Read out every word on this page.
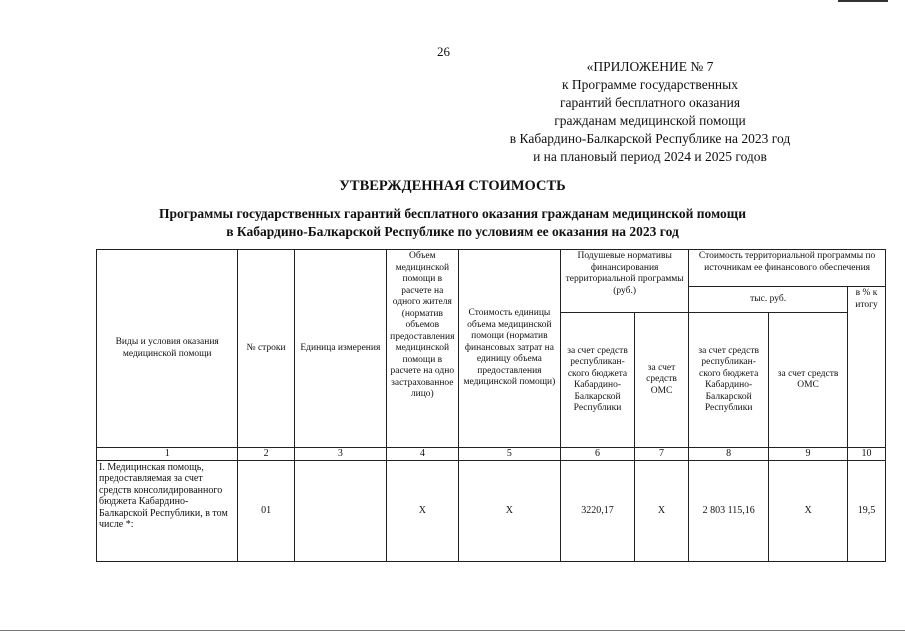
26
«ПРИЛОЖЕНИЕ № 7
к Программе государственных
гарантий бесплатного оказания
гражданам медицинской помощи
в Кабардино-Балкарской Республике на 2023 год
и на плановый период 2024 и 2025 годов
УТВЕРЖДЕННАЯ СТОИМОСТЬ
Программы государственных гарантий бесплатного оказания гражданам медицинской помощи
в Кабардино-Балкарской Республике по условиям ее оказания на 2023 год
Виды и условия оказания медицинской помощи	№ строки	Единица измерения	Объем медицинской помощи в расчете на одного жителя (норматив объемов предоставления медицинской помощи в расчете на одно застрахованное лицо)	Стоимость единицы объема медицинской помощи (норматив финансовых затрат на единицу объема предоставления медицинской помощи)	Подушевые нормативы финансирования территориальной программы (руб.)		Стоимость территориальной программы по источникам ее финансового обеспечения		
							тыс. руб.		в % к итогу
					за счет средств республикан-ского бюджета Кабардино-Балкарской Республики	за счет средств ОМС	за счет средств республикан-ского бюджета Кабардино-Балкарской Республики	за счет средств ОМС	
1	2	3	4	5	6	7	8	9	10
I. Медицинская помощь, предоставляемая за счет средств консолидированного бюджета Кабардино-Балкарской Республики, в том числе *:	01		X	X	3220,17	X	2 803 115,16	X	19,5
